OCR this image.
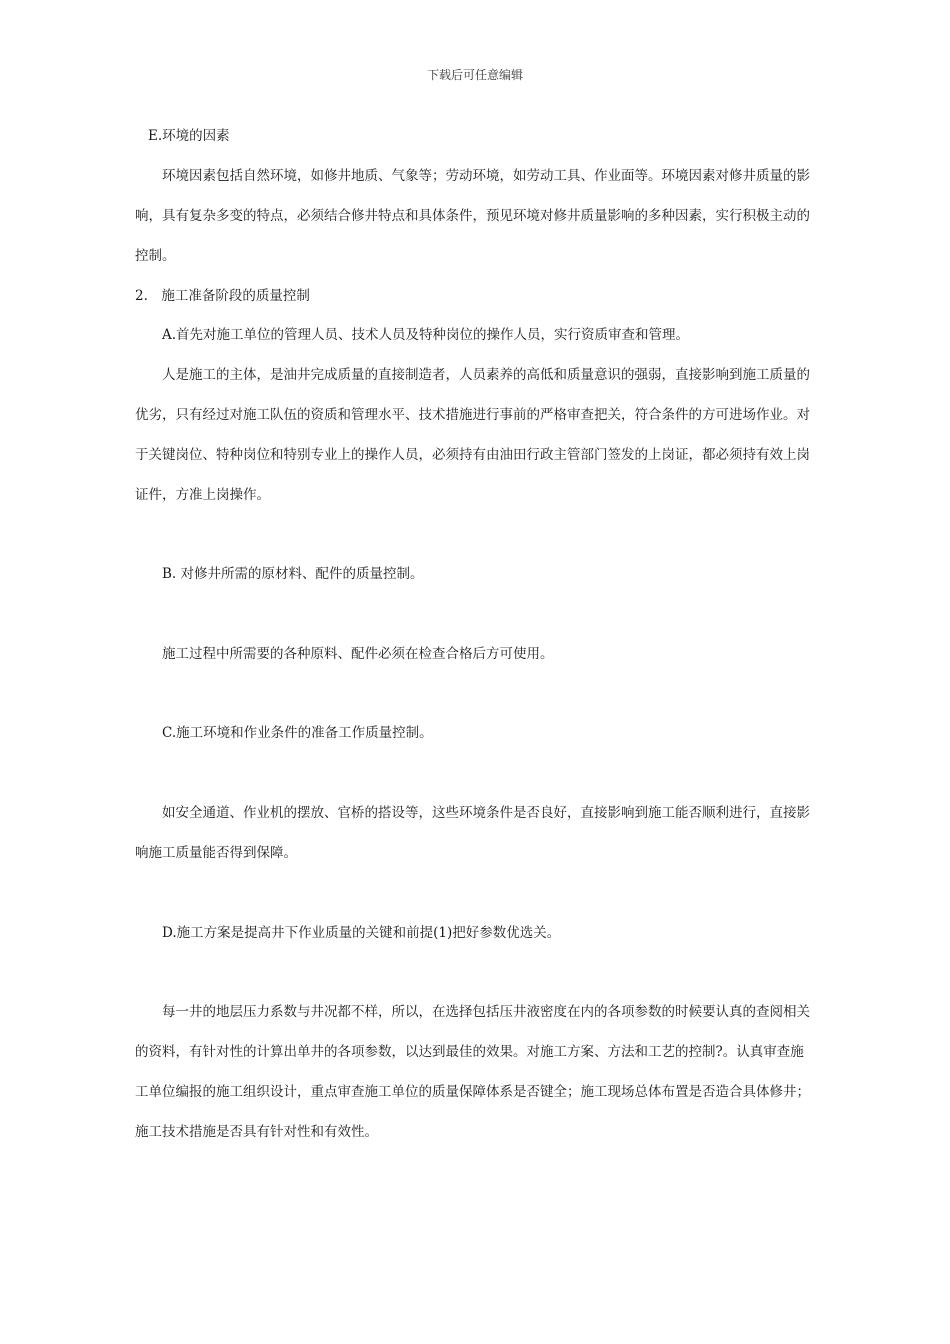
下载后可任意编辑

E.环境的因素

环境因素包括自然环境，如修井地质、气象等；劳动环境，如劳动工具、作业面等。环境因素对修井质量的影响，具有复杂多变的特点，必须结合修井特点和具体条件，预见环境对修井质量影响的多种因素，实行积极主动的控制。

2.　施工准备阶段的质量控制

A.首先对施工单位的管理人员、技术人员及特种岗位的操作人员，实行资质审查和管理。

人是施工的主体，是油井完成质量的直接制造者，人员素养的高低和质量意识的强弱，直接影响到施工质量的优劣，只有经过对施工队伍的资质和管理水平、技术措施进行事前的严格审查把关，符合条件的方可进场作业。对于关键岗位、特种岗位和特别专业上的操作人员，必须持有由油田行政主管部门签发的上岗证，都必须持有效上岗证件，方准上岗操作。

B. 对修井所需的原材料、配件的质量控制。

施工过程中所需要的各种原料、配件必须在检查合格后方可使用。

C.施工环境和作业条件的准备工作质量控制。

如安全通道、作业机的摆放、官桥的搭设等，这些环境条件是否良好，直接影响到施工能否顺利进行，直接影响施工质量能否得到保障。

D.施工方案是提高井下作业质量的关键和前提(1)把好参数优选关。

每一井的地层压力系数与井况都不样，所以，在选择包括压井液密度在内的各项参数的时候要认真的查阅相关的资料，有针对性的计算出单井的各项参数，以达到最佳的效果。对施工方案、方法和工艺的控制?。认真审查施工单位编报的施工组织设计，重点审查施工单位的质量保障体系是否键全；施工现场总体布置是否造合具体修井；施工技术措施是否具有针对性和有效性。
